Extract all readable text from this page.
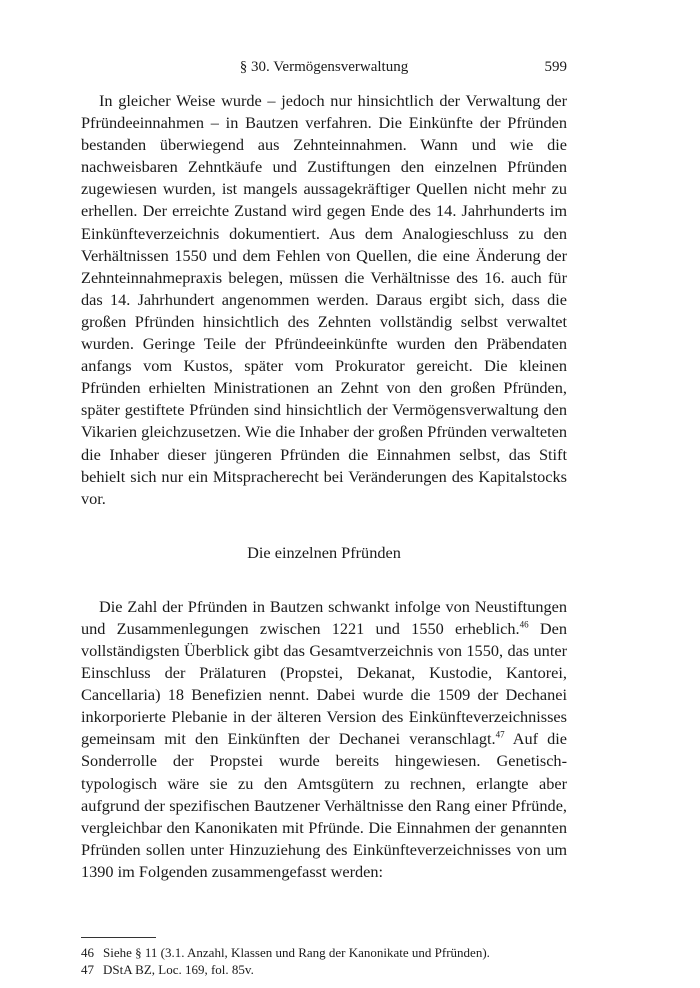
§ 30. Vermögensverwaltung	599

In gleicher Weise wurde – jedoch nur hinsichtlich der Verwaltung der Pfründeeinnahmen – in Bautzen verfahren. Die Einkünfte der Pfründen bestanden überwiegend aus Zehnteinnahmen. Wann und wie die nachweisbaren Zehntkäufe und Zustiftungen den einzelnen Pfründen zugewiesen wurden, ist mangels aussagekräftiger Quellen nicht mehr zu erhellen. Der erreichte Zustand wird gegen Ende des 14. Jahrhunderts im Einkünfteverzeichnis dokumentiert. Aus dem Analogieschluss zu den Verhältnissen 1550 und dem Fehlen von Quellen, die eine Änderung der Zehnteinnahmepraxis belegen, müssen die Verhältnisse des 16. auch für das 14. Jahrhundert angenommen werden. Daraus ergibt sich, dass die großen Pfründen hinsichtlich des Zehnten vollständig selbst verwaltet wurden. Geringe Teile der Pfründeeinkünfte wurden den Präbendaten anfangs vom Kustos, später vom Prokurator gereicht. Die kleinen Pfründen erhielten Ministrationen an Zehnt von den großen Pfründen, später gestiftete Pfründen sind hinsichtlich der Vermögensverwaltung den Vikarien gleichzusetzen. Wie die Inhaber der großen Pfründen verwalteten die Inhaber dieser jüngeren Pfründen die Einnahmen selbst, das Stift behielt sich nur ein Mitspracherecht bei Veränderungen des Kapitalstocks vor.

Die einzelnen Pfründen

Die Zahl der Pfründen in Bautzen schwankt infolge von Neustiftungen und Zusammenlegungen zwischen 1221 und 1550 erheblich.$^{46}$ Den vollständigsten Überblick gibt das Gesamtverzeichnis von 1550, das unter Einschluss der Prälaturen (Propstei, Dekanat, Kustodie, Kantorei, Cancellaria) 18 Benefizien nennt. Dabei wurde die 1509 der Dechanei inkorporierte Plebanie in der älteren Version des Einkünfteverzeichnisses gemeinsam mit den Einkünften der Dechanei veranschlagt.$^{47}$ Auf die Sonderrolle der Propstei wurde bereits hingewiesen. Genetisch-typologisch wäre sie zu den Amtsgütern zu rechnen, erlangte aber aufgrund der spezifischen Bautzener Verhältnisse den Rang einer Pfründe, vergleichbar den Kanonikaten mit Pfründe. Die Einnahmen der genannten Pfründen sollen unter Hinzuziehung des Einkünfteverzeichnisses von um 1390 im Folgenden zusammengefasst werden:

46 Siehe § 11 (3.1. Anzahl, Klassen und Rang der Kanonikate und Pfründen).
47 DStA BZ, Loc. 169, fol. 85v.
